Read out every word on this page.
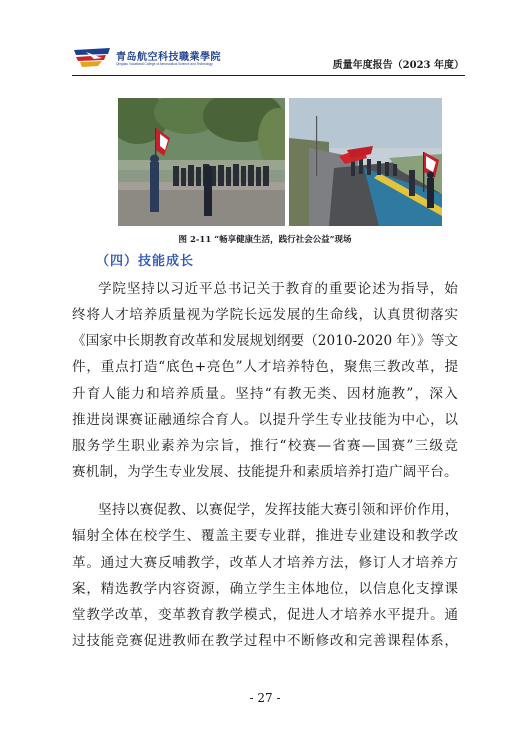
青岛航空科技職業學院
Qingdao Vocational College of Aeronautical Science and Technology	质量年度报告（2023 年度）
图 2-11 “畅享健康生活，践行社会公益”现场
（四）技能成长
学院坚持以习近平总书记关于教育的重要论述为指导，始
终将人才培养质量视为学院长远发展的生命线，认真贯彻落实
《国家中长期教育改革和发展规划纲要（2010-2020 年）》等文
件，重点打造“底色+亮色”人才培养特色，聚焦三教改革，提
升育人能力和培养质量。坚持“有教无类、因材施教”，深入
推进岗课赛证融通综合育人。以提升学生专业技能为中心，以
服务学生职业素养为宗旨，推行“校赛—省赛—国赛”三级竞
赛机制，为学生专业发展、技能提升和素质培养打造广阔平台。
坚持以赛促教、以赛促学，发挥技能大赛引领和评价作用，
辐射全体在校学生、覆盖主要专业群，推进专业建设和教学改
革。通过大赛反哺教学，改革人才培养方法，修订人才培养方
案，精选教学内容资源，确立学生主体地位，以信息化支撑课
堂教学改革，变革教育教学模式，促进人才培养水平提升。通
过技能竞赛促进教师在教学过程中不断修改和完善课程体系，
- 27 -
